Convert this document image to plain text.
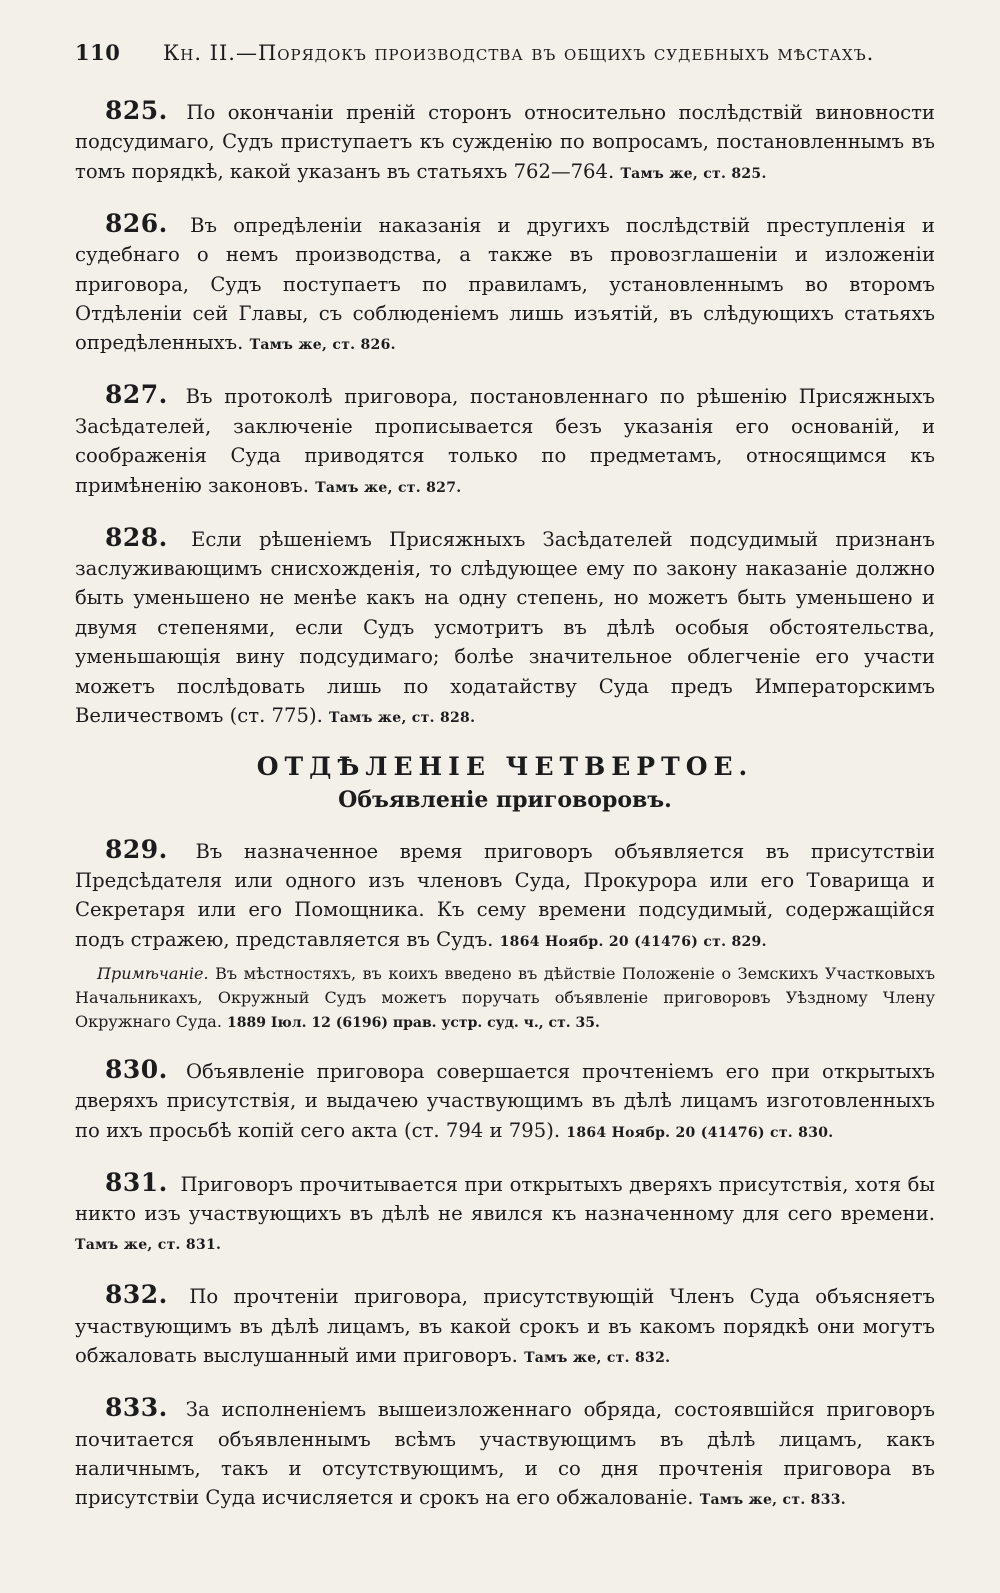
110	Кн. II.—Порядокъ производства въ общихъ судебныхъ мѣстахъ.

825. По окончаніи преній сторонъ относительно послѣдствій виновности подсудимаго, Судъ приступаетъ къ сужденію по вопросамъ, постановленнымъ въ томъ порядкѣ, какой указанъ въ статьяхъ 762—764. Тамъ же, ст. 825.

826. Въ опредѣленіи наказанія и другихъ послѣдствій преступленія и судебнаго о немъ производства, а также въ провозглашеніи и изложеніи приговора, Судъ поступаетъ по правиламъ, установленнымъ во второмъ Отдѣленіи сей Главы, съ соблюденіемъ лишь изъятій, въ слѣдующихъ статьяхъ опредѣленныхъ. Тамъ же, ст. 826.

827. Въ протоколѣ приговора, постановленнаго по рѣшенію Присяжныхъ Засѣдателей, заключеніе прописывается безъ указанія его основаній, и соображенія Суда приводятся только по предметамъ, относящимся къ примѣненію законовъ. Тамъ же, ст. 827.

828. Если рѣшеніемъ Присяжныхъ Засѣдателей подсудимый признанъ заслуживающимъ снисхожденія, то слѣдующее ему по закону наказаніе должно быть уменьшено не менѣе какъ на одну степень, но можетъ быть уменьшено и двумя степенями, если Судъ усмотритъ въ дѣлѣ особыя обстоятельства, уменьшающія вину подсудимаго; болѣе значительное облегченіе его участи можетъ послѣдовать лишь по ходатайству Суда предъ Императорскимъ Величествомъ (ст. 775). Тамъ же, ст. 828.

ОТДѢЛЕНІЕ ЧЕТВЕРТОЕ.
Объявленіе приговоровъ.

829. Въ назначенное время приговоръ объявляется въ присутствіи Предсѣдателя или одного изъ членовъ Суда, Прокурора или его Товарища и Секретаря или его Помощника. Къ сему времени подсудимый, содержащійся подъ стражею, представляется въ Судъ. 1864 Ноябр. 20 (41476) ст. 829.

Примѣчаніе. Въ мѣстностяхъ, въ коихъ введено въ дѣйствіе Положеніе о Земскихъ Участковыхъ Начальникахъ, Окружный Судъ можетъ поручать объявленіе приговоровъ Уѣздному Члену Окружнаго Суда. 1889 Іюл. 12 (6196) прав. устр. суд. ч., ст. 35.

830. Объявленіе приговора совершается прочтеніемъ его при открытыхъ дверяхъ присутствія, и выдачею участвующимъ въ дѣлѣ лицамъ изготовленныхъ по ихъ просьбѣ копій сего акта (ст. 794 и 795). 1864 Ноябр. 20 (41476) ст. 830.

831. Приговоръ прочитывается при открытыхъ дверяхъ присутствія, хотя бы никто изъ участвующихъ въ дѣлѣ не явился къ назначенному для сего времени. Тамъ же, ст. 831.

832. По прочтеніи приговора, присутствующій Членъ Суда объясняетъ участвующимъ въ дѣлѣ лицамъ, въ какой срокъ и въ какомъ порядкѣ они могутъ обжаловать выслушанный ими приговоръ. Тамъ же, ст. 832.

833. За исполненіемъ вышеизложеннаго обряда, состоявшійся приговоръ почитается объявленнымъ всѣмъ участвующимъ въ дѣлѣ лицамъ, какъ наличнымъ, такъ и отсутствующимъ, и со дня прочтенія приговора въ присутствіи Суда исчисляется и срокъ на его обжалованіе. Тамъ же, ст. 833.
